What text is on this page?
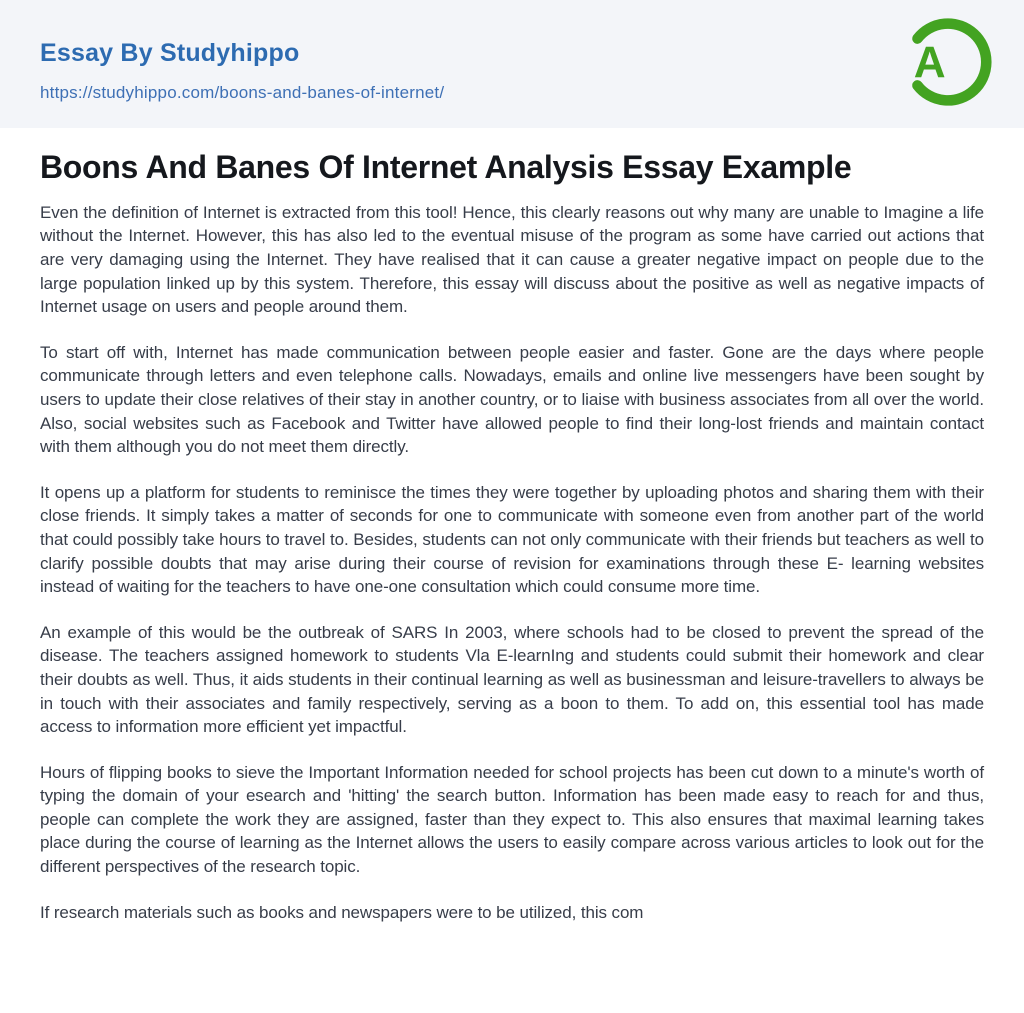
Essay By Studyhippo
https://studyhippo.com/boons-and-banes-of-internet/
A
Boons And Banes Of Internet Analysis Essay Example

Even the definition of Internet is extracted from this tool! Hence, this clearly reasons out why many are unable to Imagine a life without the Internet. However, this has also led to the eventual misuse of the program as some have carried out actions that are very damaging using the Internet. They have realised that it can cause a greater negative impact on people due to the large population linked up by this system. Therefore, this essay will discuss about the positive as well as negative impacts of Internet usage on users and people around them.

To start off with, Internet has made communication between people easier and faster. Gone are the days where people communicate through letters and even telephone calls. Nowadays, emails and online live messengers have been sought by users to update their close relatives of their stay in another country, or to liaise with business associates from all over the world. Also, social websites such as Facebook and Twitter have allowed people to find their long-lost friends and maintain contact with them although you do not meet them directly.

It opens up a platform for students to reminisce the times they were together by uploading photos and sharing them with their close friends. It simply takes a matter of seconds for one to communicate with someone even from another part of the world that could possibly take hours to travel to. Besides, students can not only communicate with their friends but teachers as well to clarify possible doubts that may arise during their course of revision for examinations through these E- learning websites instead of waiting for the teachers to have one-one consultation which could consume more time.

An example of this would be the outbreak of SARS In 2003, where schools had to be closed to prevent the spread of the disease. The teachers assigned homework to students Vla E-learnIng and students could submit their homework and clear their doubts as well. Thus, it aids students in their continual learning as well as businessman and leisure-travellers to always be in touch with their associates and family respectively, serving as a boon to them. To add on, this essential tool has made access to information more efficient yet impactful.

Hours of flipping books to sieve the Important Information needed for school projects has been cut down to a minute's worth of typing the domain of your esearch and 'hitting' the search button. Information has been made easy to reach for and thus, people can complete the work they are assigned, faster than they expect to. This also ensures that maximal learning takes place during the course of learning as the Internet allows the users to easily compare across various articles to look out for the different perspectives of the research topic.

If research materials such as books and newspapers were to be utilized, this com
